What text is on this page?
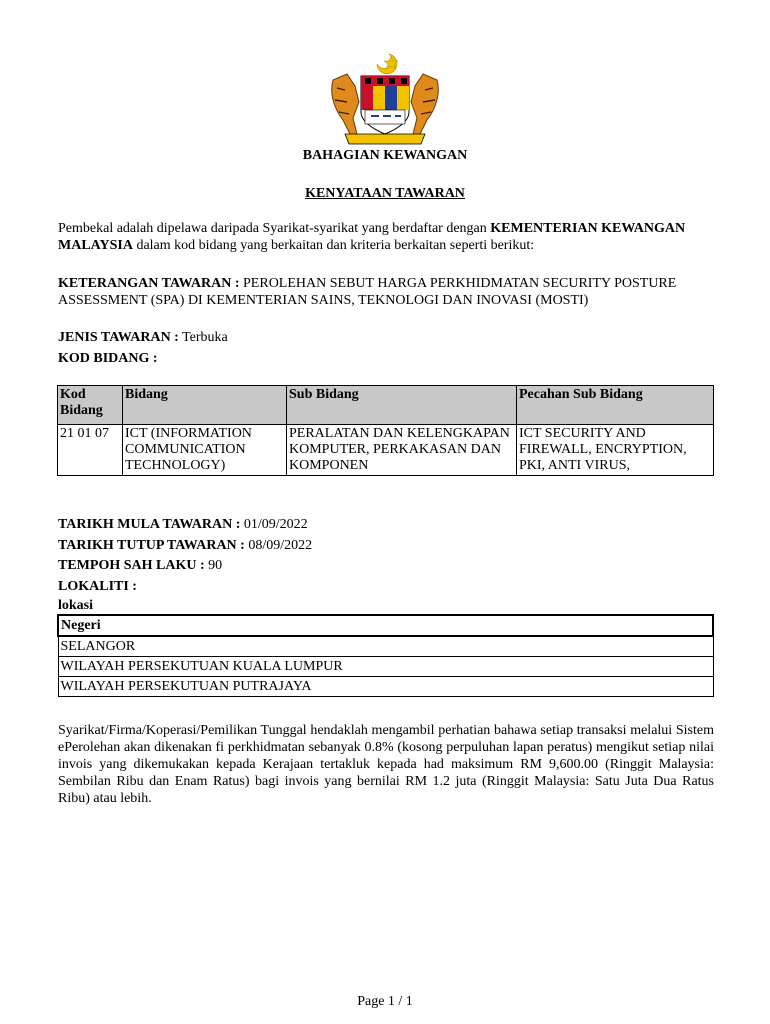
BAHAGIAN KEWANGAN
KENYATAAN TAWARAN
Pembekal adalah dipelawa daripada Syarikat-syarikat yang berdaftar dengan KEMENTERIAN KEWANGAN MALAYSIA dalam kod bidang yang berkaitan dan kriteria berkaitan seperti berikut:
KETERANGAN TAWARAN : PEROLEHAN SEBUT HARGA PERKHIDMATAN SECURITY POSTURE ASSESSMENT (SPA) DI KEMENTERIAN SAINS, TEKNOLOGI DAN INOVASI (MOSTI)
JENIS TAWARAN : Terbuka
KOD BIDANG :
Kod Bidang	Bidang	Sub Bidang	Pecahan Sub Bidang
21 01 07	ICT (INFORMATION COMMUNICATION TECHNOLOGY)	PERALATAN DAN KELENGKAPAN KOMPUTER, PERKAKASAN DAN KOMPONEN	ICT SECURITY AND FIREWALL, ENCRYPTION, PKI, ANTI VIRUS,
TARIKH MULA TAWARAN : 01/09/2022
TARIKH TUTUP TAWARAN : 08/09/2022
TEMPOH SAH LAKU : 90
LOKALITI :
lokasi
Negeri
SELANGOR
WILAYAH PERSEKUTUAN KUALA LUMPUR
WILAYAH PERSEKUTUAN PUTRAJAYA
Syarikat/Firma/Koperasi/Pemilikan Tunggal hendaklah mengambil perhatian bahawa setiap transaksi melalui Sistem ePerolehan akan dikenakan fi perkhidmatan sebanyak 0.8% (kosong perpuluhan lapan peratus) mengikut setiap nilai invois yang dikemukakan kepada Kerajaan tertakluk kepada had maksimum RM 9,600.00 (Ringgit Malaysia: Sembilan Ribu dan Enam Ratus) bagi invois yang bernilai RM 1.2 juta (Ringgit Malaysia: Satu Juta Dua Ratus Ribu) atau lebih.
Page 1 / 1
